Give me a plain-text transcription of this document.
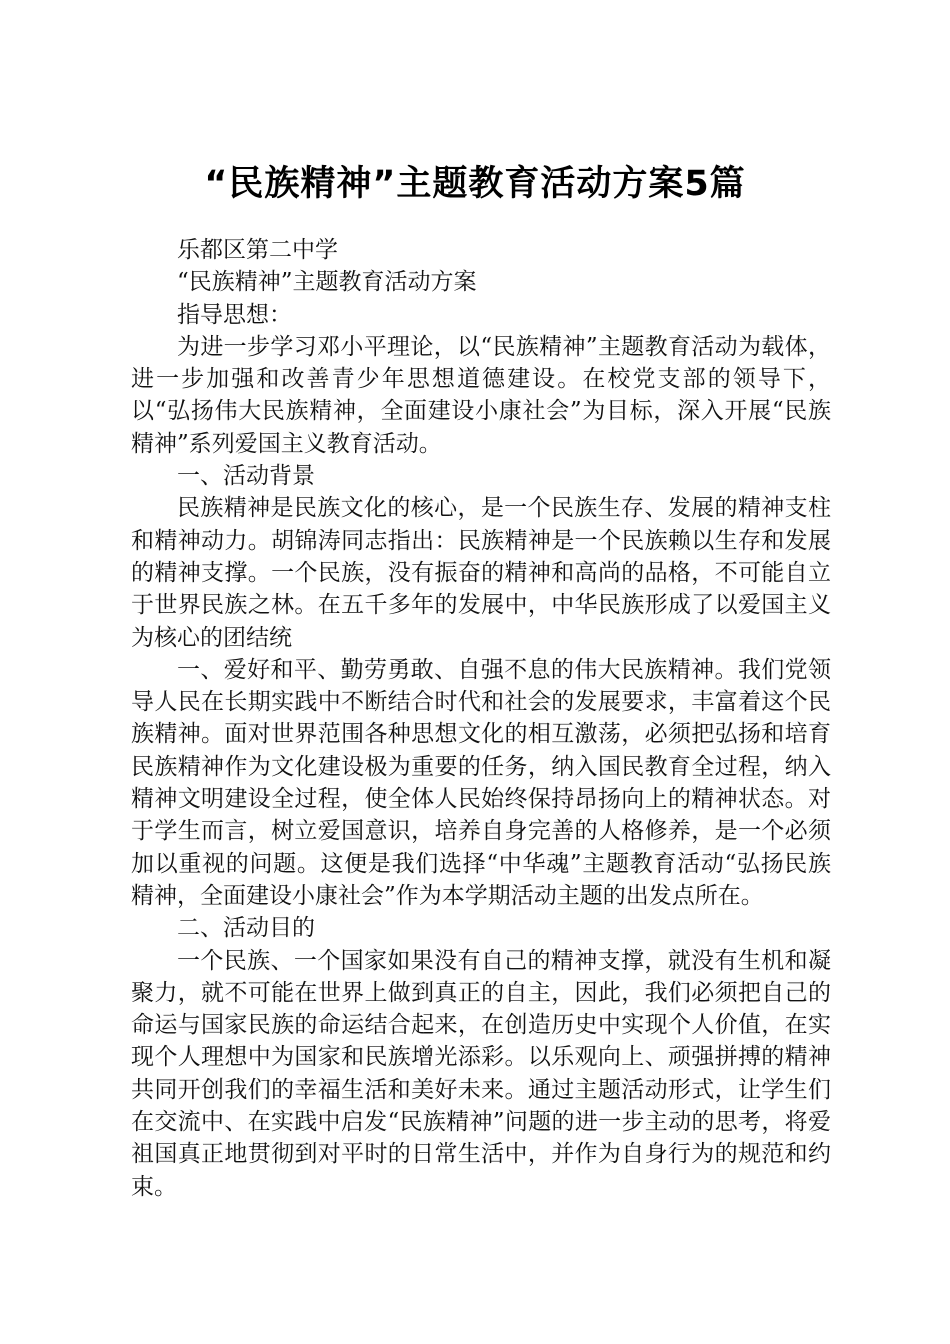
“民族精神”主题教育活动方案5篇

乐都区第二中学

“民族精神”主题教育活动方案

指导思想：

为进一步学习邓小平理论，以“民族精神”主题教育活动为载体，进一步加强和改善青少年思想道德建设。在校党支部的领导下，以“弘扬伟大民族精神，全面建设小康社会”为目标，深入开展“民族精神”系列爱国主义教育活动。

一、活动背景

民族精神是民族文化的核心，是一个民族生存、发展的精神支柱和精神动力。胡锦涛同志指出：民族精神是一个民族赖以生存和发展的精神支撑。一个民族，没有振奋的精神和高尚的品格，不可能自立于世界民族之林。在五千多年的发展中，中华民族形成了以爱国主义为核心的团结统

一、爱好和平、勤劳勇敢、自强不息的伟大民族精神。我们党领导人民在长期实践中不断结合时代和社会的发展要求，丰富着这个民族精神。面对世界范围各种思想文化的相互激荡，必须把弘扬和培育民族精神作为文化建设极为重要的任务，纳入国民教育全过程，纳入精神文明建设全过程，使全体人民始终保持昂扬向上的精神状态。对于学生而言，树立爱国意识，培养自身完善的人格修养，是一个必须加以重视的问题。这便是我们选择“中华魂”主题教育活动“弘扬民族精神，全面建设小康社会”作为本学期活动主题的出发点所在。

二、活动目的

一个民族、一个国家如果没有自己的精神支撑，就没有生机和凝聚力，就不可能在世界上做到真正的自主，因此，我们必须把自己的命运与国家民族的命运结合起来，在创造历史中实现个人价值，在实现个人理想中为国家和民族增光添彩。以乐观向上、顽强拼搏的精神共同开创我们的幸福生活和美好未来。通过主题活动形式，让学生们在交流中、在实践中启发“民族精神”问题的进一步主动的思考，将爱祖国真正地贯彻到对平时的日常生活中，并作为自身行为的规范和约束。
